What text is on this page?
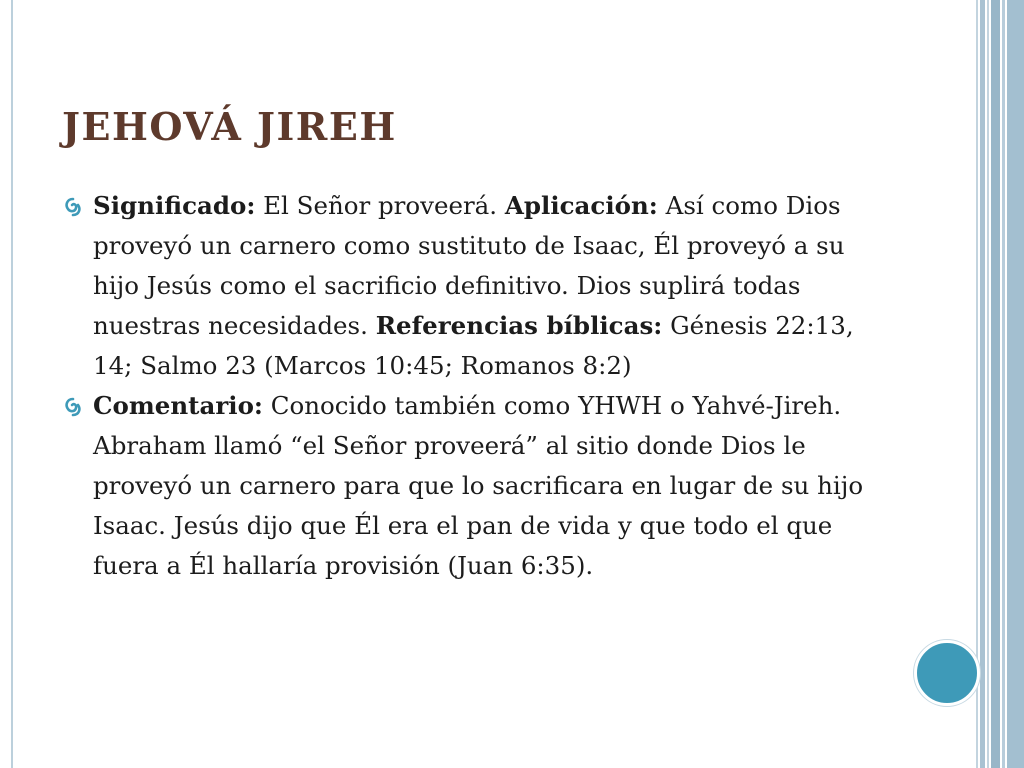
JEHOVÁ JIREH
Significado: El Señor proveerá. Aplicación: Así como Dios proveyó un carnero como sustituto de Isaac, Él proveyó a su hijo Jesús como el sacrificio definitivo. Dios suplirá todas nuestras necesidades. Referencias bíblicas: Génesis 22:13, 14; Salmo 23 (Marcos 10:45; Romanos 8:2)
Comentario: Conocido también como YHWH o Yahvé-Jireh. Abraham llamó “el Señor proveerá” al sitio donde Dios le proveyó un carnero para que lo sacrificara en lugar de su hijo Isaac. Jesús dijo que Él era el pan de vida y que todo el que fuera a Él hallaría provisión (Juan 6:35).
